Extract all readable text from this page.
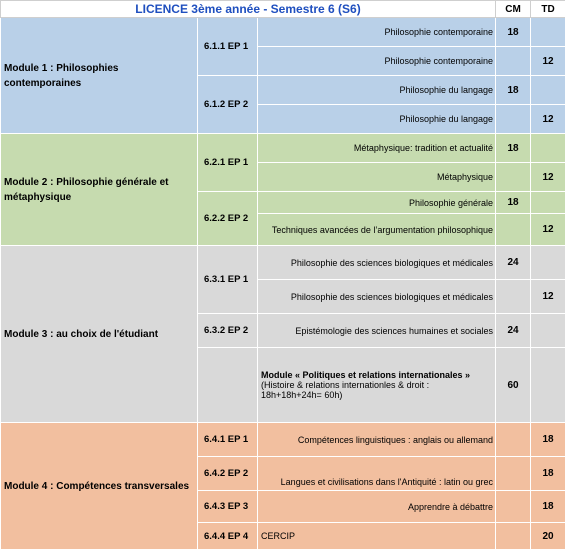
LICENCE 3ème année - Semestre 6 (S6)			CM	TD
Module 1 : Philosophies contemporaines	6.1.1 EP 1	Philosophie contemporaine	18	
		Philosophie contemporaine		12
	6.1.2 EP 2	Philosophie du langage	18	
		Philosophie du langage		12
Module 2 : Philosophie générale et métaphysique	6.2.1 EP 1	Métaphysique: tradition et actualité	18	
		Métaphysique		12
	6.2.2 EP 2	Philosophie générale	18	
		Techniques avancées de l’argumentation philosophique		12
Module 3 : au choix de l'étudiant	6.3.1 EP 1	Philosophie des sciences biologiques et médicales	24	
		Philosophie des sciences biologiques et médicales		12
	6.3.2 EP 2	Epistémologie des sciences humaines et sociales	24	

		Module « Politiques et relations internationales »
(Histoire & relations internationles & droit :
18h+18h+24h= 60h)	60	
Module 4 : Compétences transversales	6.4.1 EP 1	Compétences linguistiques : anglais ou allemand		18
	6.4.2 EP 2	Langues et civilisations dans l'Antiquité : latin ou grec		18
	6.4.3 EP 3	Apprendre à débattre		18
	6.4.4 EP 4	CERCIP		20
